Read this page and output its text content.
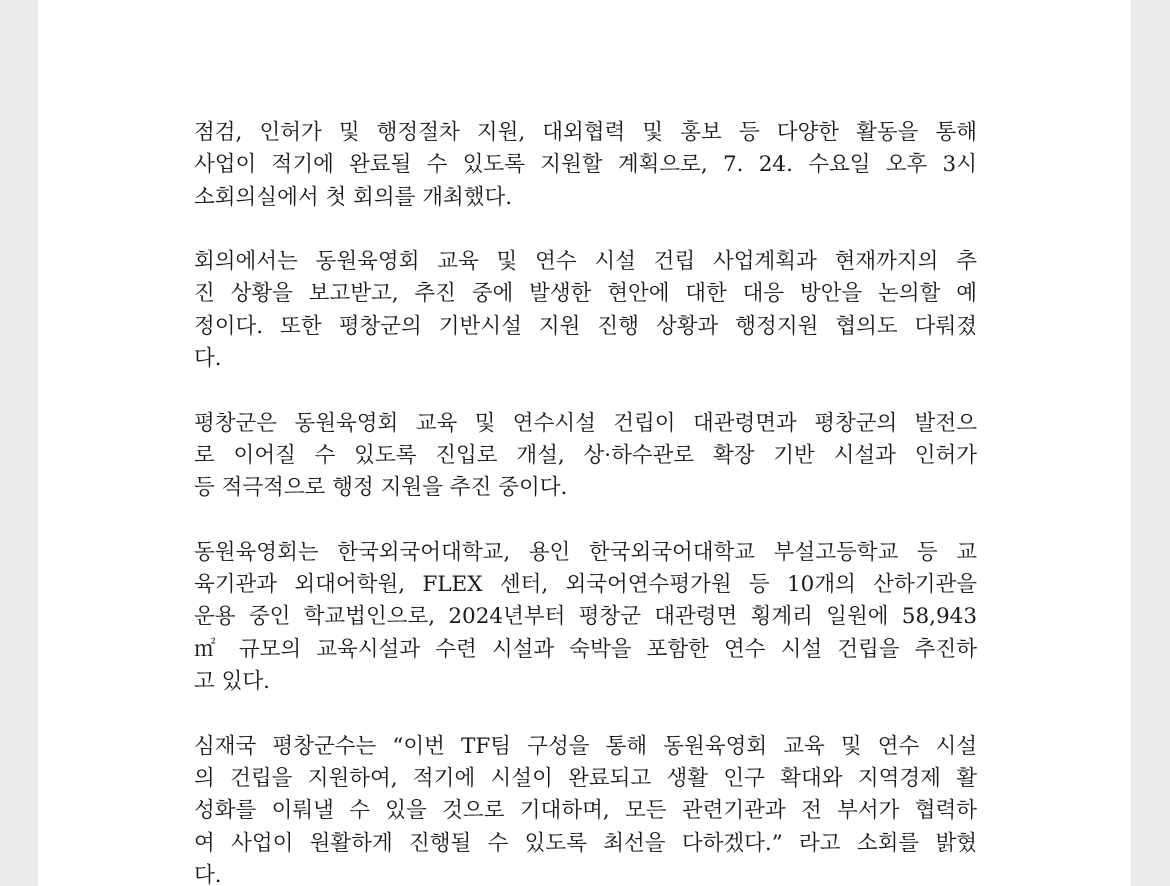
점검, 인허가 및 행정절차 지원, 대외협력 및 홍보 등 다양한 활동을 통해
사업이 적기에 완료될 수 있도록 지원할 계획으로, 7. 24. 수요일 오후 3시
소회의실에서 첫 회의를 개최했다.

회의에서는 동원육영회 교육 및 연수 시설 건립 사업계획과 현재까지의 추
진 상황을 보고받고, 추진 중에 발생한 현안에 대한 대응 방안을 논의할 예
정이다. 또한 평창군의 기반시설 지원 진행 상황과 행정지원 협의도 다뤄졌
다.

평창군은 동원육영회 교육 및 연수시설 건립이 대관령면과 평창군의 발전으
로 이어질 수 있도록 진입로 개설, 상·하수관로 확장 기반 시설과 인허가
등 적극적으로 행정 지원을 추진 중이다.

동원육영회는 한국외국어대학교, 용인 한국외국어대학교 부설고등학교 등 교
육기관과 외대어학원, FLEX 센터, 외국어연수평가원 등 10개의 산하기관을
운용 중인 학교법인으로, 2024년부터 평창군 대관령면 횡계리 일원에 58,943
㎡ 규모의 교육시설과 수련 시설과 숙박을 포함한 연수 시설 건립을 추진하
고 있다.

심재국 평창군수는 “이번 TF팀 구성을 통해 동원육영회 교육 및 연수 시설
의 건립을 지원하여, 적기에 시설이 완료되고 생활 인구 확대와 지역경제 활
성화를 이뤄낼 수 있을 것으로 기대하며, 모든 관련기관과 전 부서가 협력하
여 사업이 원활하게 진행될 수 있도록 최선을 다하겠다.” 라고 소회를 밝혔
다.
